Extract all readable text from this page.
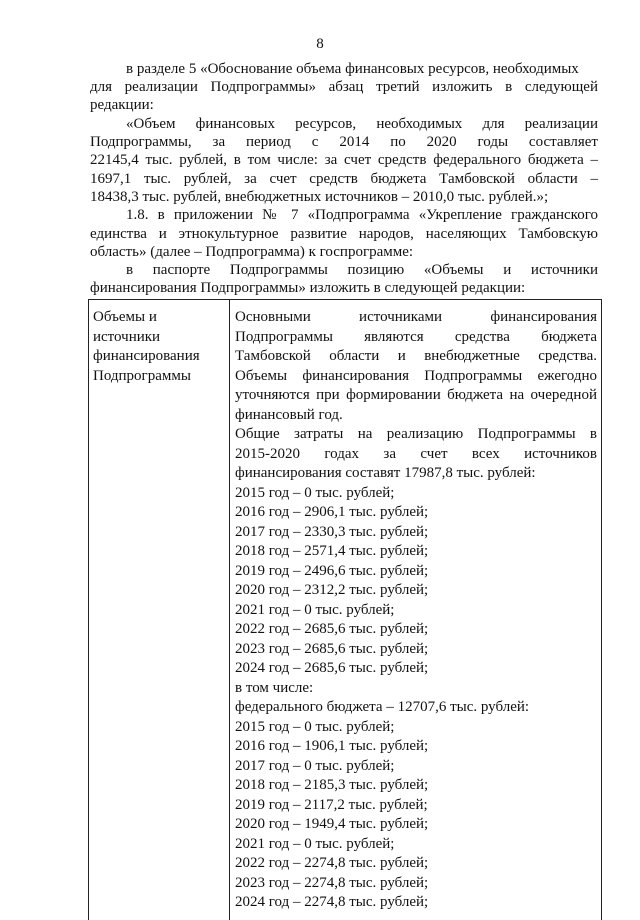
8
в разделе 5 «Обоснование объема финансовых ресурсов, необходимых
для реализации Подпрограммы» абзац третий изложить в следующей
редакции:
«Объем финансовых ресурсов, необходимых для реализации
Подпрограммы, за период с 2014 по 2020 годы составляет
22145,4 тыс. рублей, в том числе: за счет средств федерального бюджета –
1697,1 тыс. рублей, за счет средств бюджета Тамбовской области –
18438,3 тыс. рублей, внебюджетных источников – 2010,0 тыс. рублей.»;
1.8. в приложении № 7 «Подпрограмма «Укрепление гражданского
единства и этнокультурное развитие народов, населяющих Тамбовскую
область» (далее – Подпрограмма) к госпрограмме:
в паспорте Подпрограммы позицию «Объемы и источники
финансирования Подпрограммы» изложить в следующей редакции:
Объемы и
источники
финансирования
Подпрограммы
Основными источниками финансирования
Подпрограммы являются средства бюджета
Тамбовской области и внебюджетные средства.
Объемы финансирования Подпрограммы ежегодно
уточняются при формировании бюджета на очередной
финансовый год.
Общие затраты на реализацию Подпрограммы в
2015-2020 годах за счет всех источников
финансирования составят 17987,8 тыс. рублей:
2015 год – 0 тыс. рублей;
2016 год – 2906,1 тыс. рублей;
2017 год – 2330,3 тыс. рублей;
2018 год – 2571,4 тыс. рублей;
2019 год – 2496,6 тыс. рублей;
2020 год – 2312,2 тыс. рублей;
2021 год – 0 тыс. рублей;
2022 год – 2685,6 тыс. рублей;
2023 год – 2685,6 тыс. рублей;
2024 год – 2685,6 тыс. рублей;
в том числе:
федерального бюджета – 12707,6 тыс. рублей:
2015 год – 0 тыс. рублей;
2016 год – 1906,1 тыс. рублей;
2017 год – 0 тыс. рублей;
2018 год – 2185,3 тыс. рублей;
2019 год – 2117,2 тыс. рублей;
2020 год – 1949,4 тыс. рублей;
2021 год – 0 тыс. рублей;
2022 год – 2274,8 тыс. рублей;
2023 год – 2274,8 тыс. рублей;
2024 год – 2274,8 тыс. рублей;
